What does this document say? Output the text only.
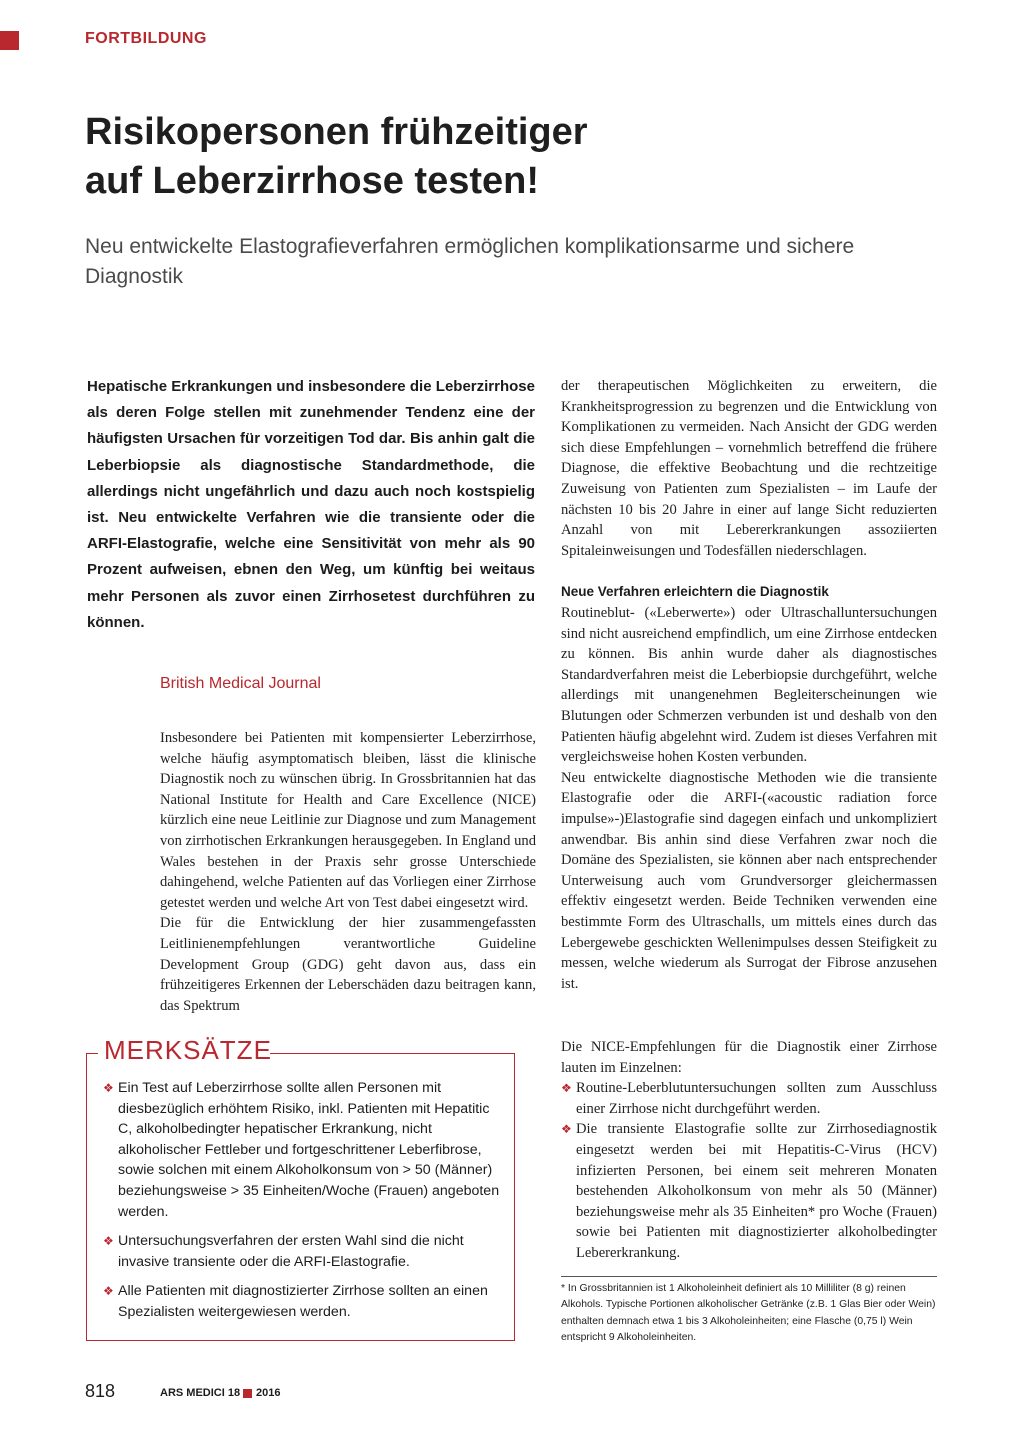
FORTBILDUNG
Risikopersonen frühzeitiger
auf Leberzirrhose testen!
Neu entwickelte Elastografieverfahren ermöglichen komplikationsarme und sichere Diagnostik
Hepatische Erkrankungen und insbesondere die Leberzirrhose als deren Folge stellen mit zunehmender Tendenz eine der häufigsten Ursachen für vorzeitigen Tod dar. Bis anhin galt die Leberbiopsie als diagnostische Standardmethode, die allerdings nicht ungefährlich und dazu auch noch kostspielig ist. Neu entwickelte Verfahren wie die transiente oder die ARFI-Elastografie, welche eine Sensitivität von mehr als 90 Prozent aufweisen, ebnen den Weg, um künftig bei weitaus mehr Personen als zuvor einen Zirrhosetest durchführen zu können.
British Medical Journal

Insbesondere bei Patienten mit kompensierter Leberzirrhose, welche häufig asymptomatisch bleiben, lässt die klinische Diagnostik noch zu wünschen übrig. In Grossbritannien hat das National Institute for Health and Care Excellence (NICE) kürzlich eine neue Leitlinie zur Diagnose und zum Management von zirrhotischen Erkrankungen herausgegeben. In England und Wales bestehen in der Praxis sehr grosse Unterschiede dahingehend, welche Patienten auf das Vorliegen einer Zirrhose getestet werden und welche Art von Test dabei eingesetzt wird.

Die für die Entwicklung der hier zusammengefassten Leitlinienempfehlungen verantwortliche Guideline Development Group (GDG) geht davon aus, dass ein frühzeitigeres Erkennen der Leberschäden dazu beitragen kann, das Spektrum

der therapeutischen Möglichkeiten zu erweitern, die Krankheitsprogression zu begrenzen und die Entwicklung von Komplikationen zu vermeiden. Nach Ansicht der GDG werden sich diese Empfehlungen – vornehmlich betreffend die frühere Diagnose, die effektive Beobachtung und die rechtzeitige Zuweisung von Patienten zum Spezialisten – im Laufe der nächsten 10 bis 20 Jahre in einer auf lange Sicht reduzierten Anzahl von mit Lebererkrankungen assoziierten Spitaleinweisungen und Todesfällen niederschlagen.

Neue Verfahren erleichtern die Diagnostik

Routineblut- («Leberwerte») oder Ultraschalluntersuchungen sind nicht ausreichend empfindlich, um eine Zirrhose entdecken zu können. Bis anhin wurde daher als diagnostisches Standardverfahren meist die Leberbiopsie durchgeführt, welche allerdings mit unangenehmen Begleiterscheinungen wie Blutungen oder Schmerzen verbunden ist und deshalb von den Patienten häufig abgelehnt wird. Zudem ist dieses Verfahren mit vergleichsweise hohen Kosten verbunden.

Neu entwickelte diagnostische Methoden wie die transiente Elastografie oder die ARFI-(«acoustic radiation force impulse»-)Elastografie sind dagegen einfach und unkompliziert anwendbar. Bis anhin sind diese Verfahren zwar noch die Domäne des Spezialisten, sie können aber nach entsprechender Unterweisung auch vom Grundversorger gleichermassen effektiv eingesetzt werden. Beide Techniken verwenden eine bestimmte Form des Ultraschalls, um mittels eines durch das Lebergewebe geschickten Wellenimpulses dessen Steifigkeit zu messen, welche wiederum als Surrogat der Fibrose anzusehen ist.

Die NICE-Empfehlungen für die Diagnostik einer Zirrhose lauten im Einzelnen:

❖ Routine-Leberblutuntersuchungen sollten zum Ausschluss einer Zirrhose nicht durchgeführt werden.
❖ Die transiente Elastografie sollte zur Zirrhosediagnostik eingesetzt werden bei mit Hepatitis-C-Virus (HCV) infizierten Personen, bei einem seit mehreren Monaten bestehenden Alkoholkonsum von mehr als 50 (Männer) beziehungsweise mehr als 35 Einheiten* pro Woche (Frauen) sowie bei Patienten mit diagnostizierter alkoholbedingter Lebererkrankung.
MERKSÄTZE
❖ Ein Test auf Leberzirrhose sollte allen Personen mit diesbezüglich erhöhtem Risiko, inkl. Patienten mit Hepatitic C, alkoholbedingter hepatischer Erkrankung, nicht alkoholischer Fettleber und fortgeschrittener Leberfibrose, sowie solchen mit einem Alkoholkonsum von > 50 (Männer) beziehungsweise > 35 Einheiten/Woche (Frauen) angeboten werden.
❖ Untersuchungsverfahren der ersten Wahl sind die nicht invasive transiente oder die ARFI-Elastografie.
❖ Alle Patienten mit diagnostizierter Zirrhose sollten an einen Spezialisten weitergewiesen werden.
* In Grossbritannien ist 1 Alkoholeinheit definiert als 10 Milliliter (8 g) reinen Alkohols. Typische Portionen alkoholischer Getränke (z.B. 1 Glas Bier oder Wein) enthalten demnach etwa 1 bis 3 Alkoholeinheiten; eine Flasche (0,75 l) Wein entspricht 9 Alkoholeinheiten.
818	ARS MEDICI 18 2016
